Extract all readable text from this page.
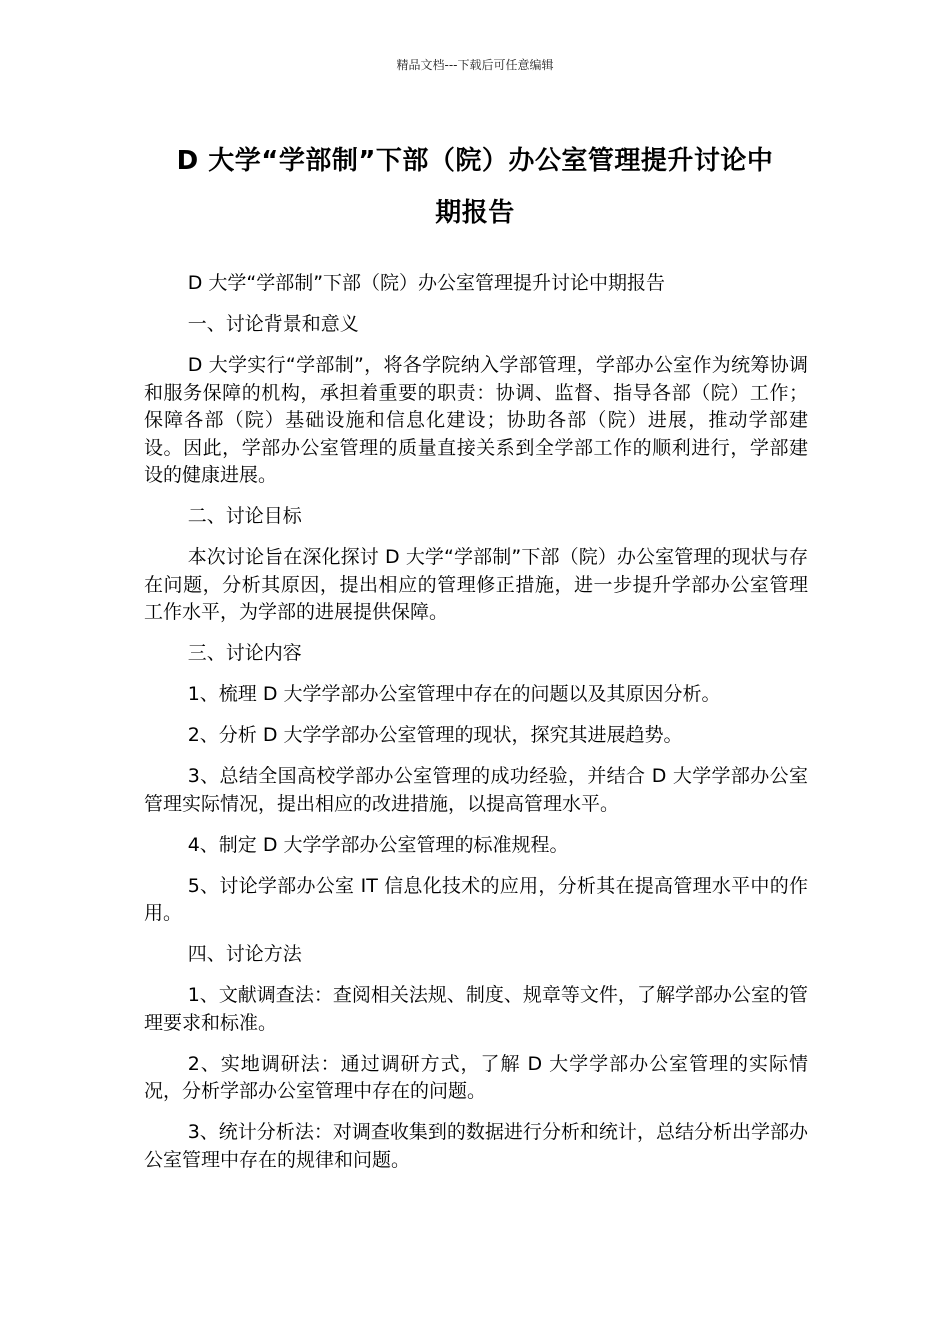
精品文档---下载后可任意编辑
D 大学“学部制”下部（院）办公室管理提升讨论中
期报告

D 大学“学部制”下部（院）办公室管理提升讨论中期报告

一、讨论背景和意义

D 大学实行“学部制”，将各学院纳入学部管理，学部办公室作为统筹协调和服务保障的机构，承担着重要的职责：协调、监督、指导各部（院）工作；保障各部（院）基础设施和信息化建设；协助各部（院）进展，推动学部建设。因此，学部办公室管理的质量直接关系到全学部工作的顺利进行，学部建设的健康进展。

二、讨论目标

本次讨论旨在深化探讨 D 大学“学部制”下部（院）办公室管理的现状与存在问题，分析其原因，提出相应的管理修正措施，进一步提升学部办公室管理工作水平，为学部的进展提供保障。

三、讨论内容

1、梳理 D 大学学部办公室管理中存在的问题以及其原因分析。

2、分析 D 大学学部办公室管理的现状，探究其进展趋势。

3、总结全国高校学部办公室管理的成功经验，并结合 D 大学学部办公室管理实际情况，提出相应的改进措施，以提高管理水平。

4、制定 D 大学学部办公室管理的标准规程。

5、讨论学部办公室 IT 信息化技术的应用，分析其在提高管理水平中的作用。

四、讨论方法

1、文献调查法：查阅相关法规、制度、规章等文件，了解学部办公室的管理要求和标准。

2、实地调研法：通过调研方式，了解 D 大学学部办公室管理的实际情况，分析学部办公室管理中存在的问题。

3、统计分析法：对调查收集到的数据进行分析和统计，总结分析出学部办公室管理中存在的规律和问题。
